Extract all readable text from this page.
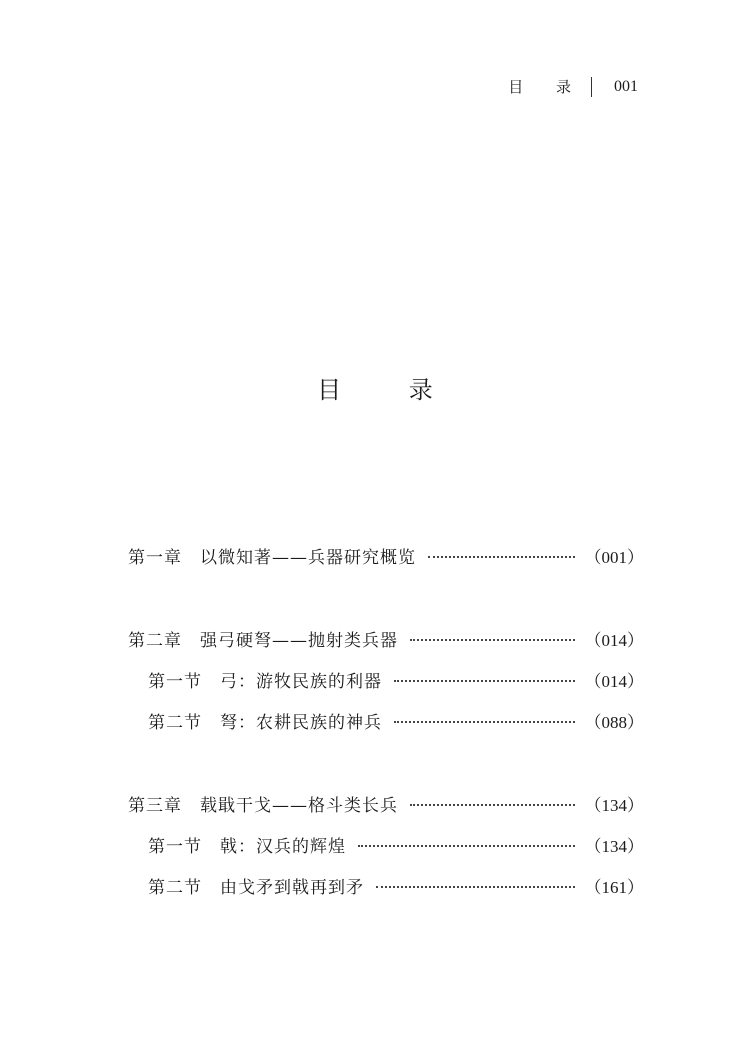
目 录 001
目 录
第一章 以微知著——兵器研究概览	（001）
第二章 强弓硬弩——抛射类兵器	（014）
第一节 弓：游牧民族的利器	（014）
第二节 弩：农耕民族的神兵	（088）
第三章 载戢干戈——格斗类长兵	（134）
第一节 戟：汉兵的辉煌	（134）
第二节 由戈矛到戟再到矛	（161）
